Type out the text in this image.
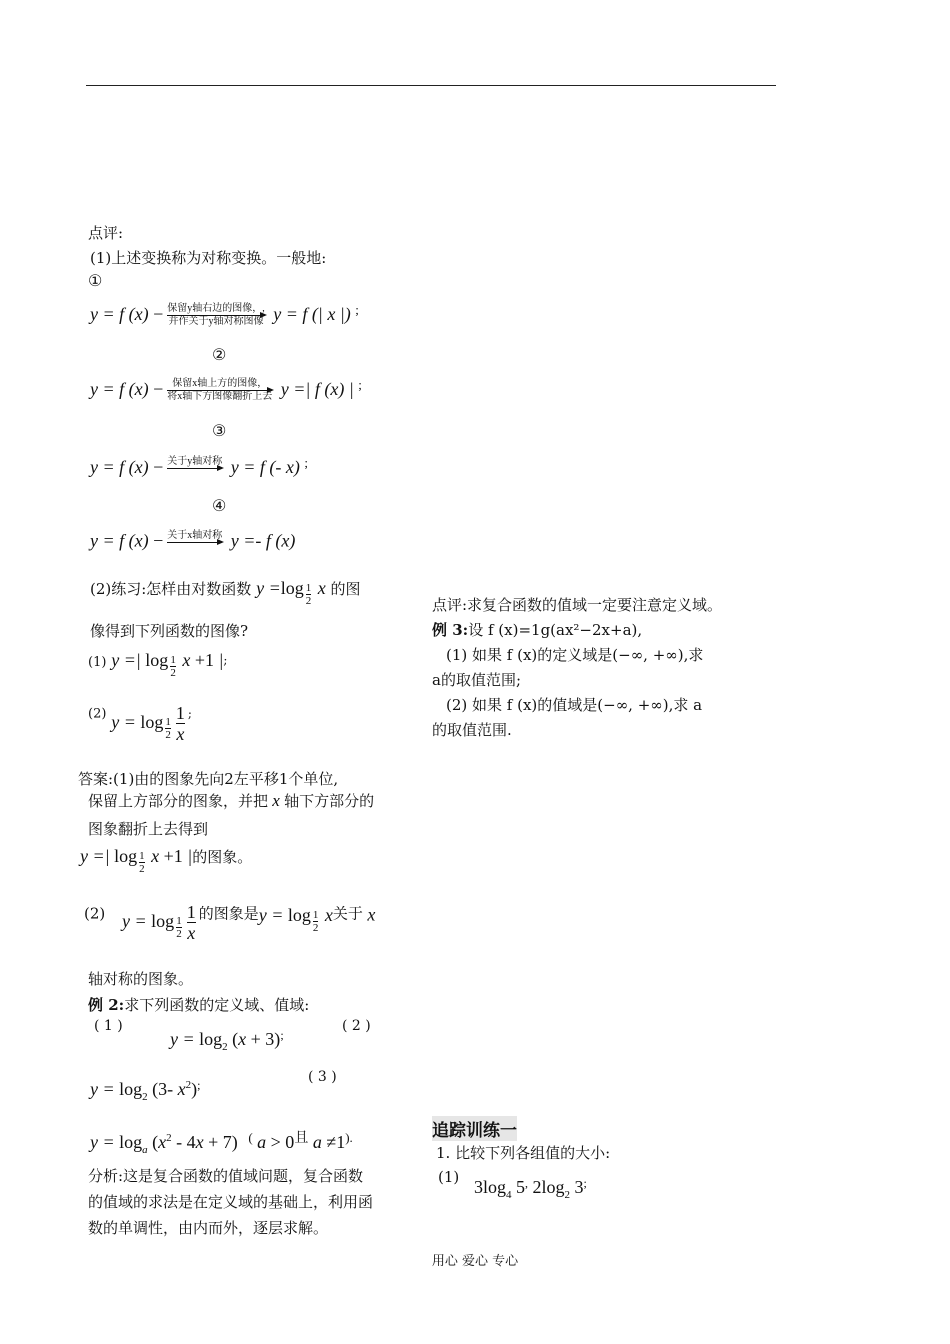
点评:
(1)上述变换称为对称变换。一般地:
①
y = f (x) − 保留y轴右边的图像，,
并作关于y轴对称图像 y = f (| x |) ;
②
y = f (x) − 保留x轴上方的图像，
将x轴下方图像翻折上去 y =| f (x) | ;
③
y = f (x) − 关于y轴对称
y = f (- x) ;
④
y = f (x) − 关于x轴对称
y =- f (x)
(2)练习:怎样由对数函数 $y =\log \frac{1}{2}$ x 的图
像得到下列函数的图像?
(1) y =| $\log \frac{1}{2}$ x +1 |;
(2) $y = \log \frac{1}{2} \frac{1}{x} ^;$
答案:(1)由的图象先向2左平移1个单位,
保留上方部分的图象，并把 x 轴下方部分的
图象翻折上去得到
y =| $\log \frac{1}{2}$ x +1 |的图象。
(2) $y = \log \frac{1}{2} \frac{1}{x}$ 的图象是$y = \log \frac{1}{2}$ x关于 x
轴对称的图象。
例 2:求下列函数的定义域、值域:
( 1 )
$y = \log_2 (x + 3)^;$
( 2 )
$y = \log_2 (3-$ $x^2)^;$	( 3 )
$y = \log_a (x^2 - 4x + 7)$ ( $a > 0^且$ a ≠1).

分析:这是复合函数的值域问题，复合函数

的值域的求法是在定义域的基础上，利用函

数的单调性，由内而外，逐层求解。

点评:求复合函数的值域一定要注意定义域。
例 3:设 f (x)=1g(ax²−2x+a),
(1) 如果 f (x)的定义域是(−∞, +∞),求
a的取值范围;
(2) 如果 f (x)的值域是(−∞, +∞),求 a
的取值范围.
追踪训练一
1. 比较下列各组值的大小:
(1) $3\log_4$ 5, $2\log_2$ 3;
用心 爱心 专心
